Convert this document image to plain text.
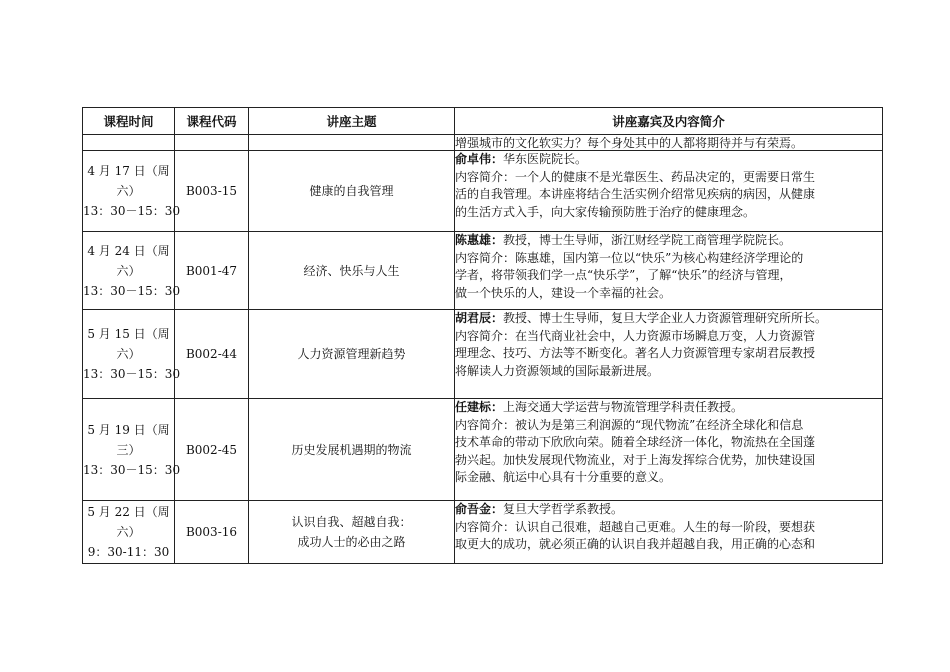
课程时间	课程代码	讲座主题	讲座嘉宾及内容简介
			增强城市的文化软实力？每个身处其中的人都将期待并与有荣焉。

4 月 17 日（周
六）
13：30－15：30	B003-15	健康的自我管理	俞卓伟：华东医院院长。
内容简介：一个人的健康不是光靠医生、药品决定的，更需要日常生
活的自我管理。本讲座将结合生活实例介绍常见疾病的病因，从健康
的生活方式入手，向大家传输预防胜于治疗的健康理念。

4 月 24 日（周
六）
13：30－15：30	B001-47	经济、快乐与人生	陈惠雄：教授，博士生导师，浙江财经学院工商管理学院院长。
内容简介：陈惠雄，国内第一位以“快乐”为核心构建经济学理论的
学者，将带领我们学一点“快乐学”，了解“快乐”的经济与管理，
做一个快乐的人，建设一个幸福的社会。

5 月 15 日（周
六）
13：30－15：30	B002-44	人力资源管理新趋势	胡君辰：教授、博士生导师，复旦大学企业人力资源管理研究所所长。
内容简介：在当代商业社会中，人力资源市场瞬息万变，人力资源管
理理念、技巧、方法等不断变化。著名人力资源管理专家胡君辰教授
将解读人力资源领域的国际最新进展。

5 月 19 日（周
三）
13：30－15：30	B002-45	历史发展机遇期的物流	任建标：上海交通大学运营与物流管理学科责任教授。
内容简介：被认为是第三利润源的“现代物流”在经济全球化和信息
技术革命的带动下欣欣向荣。随着全球经济一体化，物流热在全国蓬
勃兴起。加快发展现代物流业，对于上海发挥综合优势，加快建设国
际金融、航运中心具有十分重要的意义。

5 月 22 日（周
六）
9：30-11：30	B003-16	认识自我、超越自我：
成功人士的必由之路	俞吾金：复旦大学哲学系教授。
内容简介：认识自己很难，超越自己更难。人生的每一阶段，要想获
取更大的成功，就必须正确的认识自我并超越自我，用正确的心态和
